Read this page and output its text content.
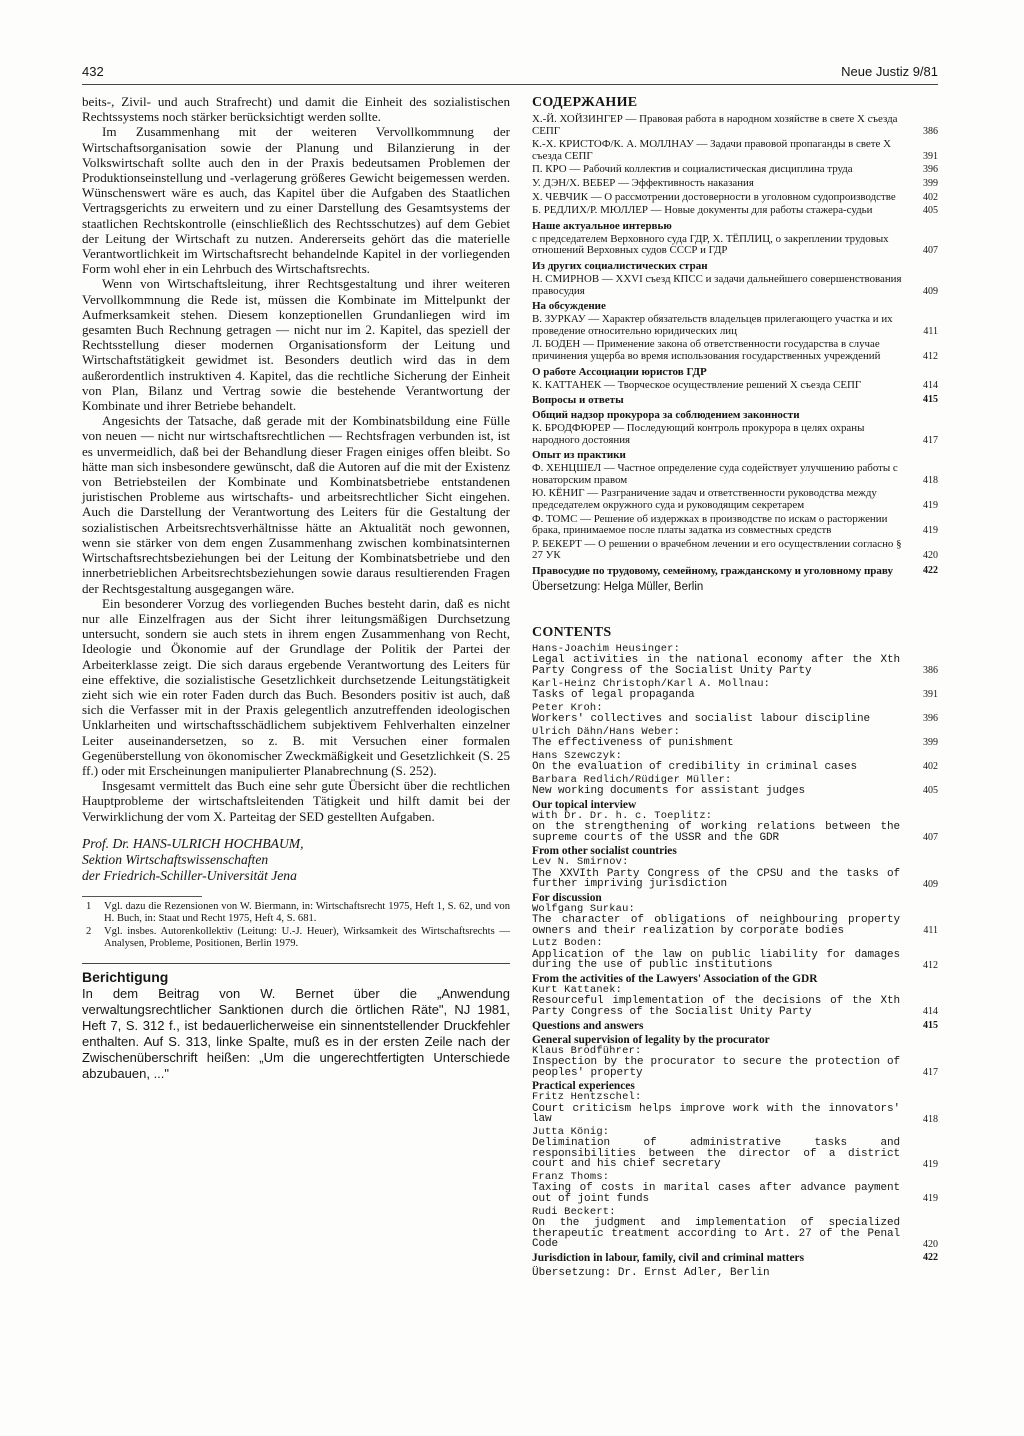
432	Neue Justiz 9/81

beits-, Zivil- und auch Strafrecht) und damit die Einheit des sozialistischen Rechtssystems noch stärker berücksichtigt werden sollte.

Im Zusammenhang mit der weiteren Vervollkommnung der Wirtschaftsorganisation sowie der Planung und Bilanzierung in der Volkswirtschaft sollte auch den in der Praxis bedeutsamen Problemen der Produktionseinstellung und -verlagerung größeres Gewicht beigemessen werden. Wünschenswert wäre es auch, das Kapitel über die Aufgaben des Staatlichen Vertragsgerichts zu erweitern und zu einer Darstellung des Gesamtsystems der staatlichen Rechtskontrolle (einschließlich des Rechtsschutzes) auf dem Gebiet der Leitung der Wirtschaft zu nutzen. Andererseits gehört das die materielle Verantwortlichkeit im Wirtschaftsrecht behandelnde Kapitel in der vorliegenden Form wohl eher in ein Lehrbuch des Wirtschaftsrechts.

Wenn von Wirtschaftsleitung, ihrer Rechtsgestaltung und ihrer weiteren Vervollkommnung die Rede ist, müssen die Kombinate im Mittelpunkt der Aufmerksamkeit stehen. Diesem konzeptionellen Grundanliegen wird im gesamten Buch Rechnung getragen — nicht nur im 2. Kapitel, das speziell der Rechtsstellung dieser modernen Organisationsform der Leitung und Wirtschaftstätigkeit gewidmet ist. Besonders deutlich wird das in dem außerordentlich instruktiven 4. Kapitel, das die rechtliche Sicherung der Einheit von Plan, Bilanz und Vertrag sowie die bestehende Verantwortung der Kombinate und ihrer Betriebe behandelt.

Angesichts der Tatsache, daß gerade mit der Kombinatsbildung eine Fülle von neuen — nicht nur wirtschaftsrechtlichen — Rechtsfragen verbunden ist, ist es unvermeidlich, daß bei der Behandlung dieser Fragen einiges offen bleibt. So hätte man sich insbesondere gewünscht, daß die Autoren auf die mit der Existenz von Betriebsteilen der Kombinate und Kombinatsbetriebe entstandenen juristischen Probleme aus wirtschafts- und arbeitsrechtlicher Sicht eingehen. Auch die Darstellung der Verantwortung des Leiters für die Gestaltung der sozialistischen Arbeitsrechtsverhältnisse hätte an Aktualität noch gewonnen, wenn sie stärker von dem engen Zusammenhang zwischen kombinatsinternen Wirtschaftsrechtsbeziehungen bei der Leitung der Kombinatsbetriebe und den innerbetrieblichen Arbeitsrechtsbeziehungen sowie daraus resultierenden Fragen der Rechtsgestaltung ausgegangen wäre.

Ein besonderer Vorzug des vorliegenden Buches besteht darin, daß es nicht nur alle Einzelfragen aus der Sicht ihrer leitungsmäßigen Durchsetzung untersucht, sondern sie auch stets in ihrem engen Zusammenhang von Recht, Ideologie und Ökonomie auf der Grundlage der Politik der Partei der Arbeiterklasse zeigt. Die sich daraus ergebende Verantwortung des Leiters für eine effektive, die sozialistische Gesetzlichkeit durchsetzende Leitungstätigkeit zieht sich wie ein roter Faden durch das Buch. Besonders positiv ist auch, daß sich die Verfasser mit in der Praxis gelegentlich anzutreffenden ideologischen Unklarheiten und wirtschaftsschädlichem subjektivem Fehlverhalten einzelner Leiter auseinandersetzen, so z. B. mit Versuchen einer formalen Gegenüberstellung von ökonomischer Zweckmäßigkeit und Gesetzlichkeit (S. 25 ff.) oder mit Erscheinungen manipulierter Planabrechnung (S. 252).

Insgesamt vermittelt das Buch eine sehr gute Übersicht über die rechtlichen Hauptprobleme der wirtschaftsleitenden Tätigkeit und hilft damit bei der Verwirklichung der vom X. Parteitag der SED gestellten Aufgaben.

Prof. Dr. HANS-ULRICH HOCHBAUM,
Sektion Wirtschaftswissenschaften
der Friedrich-Schiller-Universität Jena
1	Vgl. dazu die Rezensionen von W. Biermann, in: Wirtschaftsrecht 1975, Heft 1, S. 62, und von H. Buch, in: Staat und Recht 1975, Heft 4, S. 681.
2	Vgl. insbes. Autorenkollektiv (Leitung: U.-J. Heuer), Wirksamkeit des Wirtschaftsrechts — Analysen, Probleme, Positionen, Berlin 1979.
Berichtigung

In dem Beitrag von W. Bernet über die „Anwendung verwaltungsrechtlicher Sanktionen durch die örtlichen Räte", NJ 1981, Heft 7, S. 312 f., ist bedauerlicherweise ein sinnentstellender Druckfehler enthalten. Auf S. 313, linke Spalte, muß es in der ersten Zeile nach der Zwischenüberschrift heißen: „Um die ungerechtfertigten Unterschiede abzubauen, ..."

СОДЕРЖАНИЕ
Х.-Й. ХОЙЗИНГЕР — Правовая работа в народном хозяйстве в свете X съезда СЕПГ	386
К.-Х. КРИСТОФ/К. А. МОЛЛНАУ — Задачи правовой пропаганды в свете X съезда СЕПГ	391
П. КРО — Рабочий коллектив и социалистическая дисциплина труда	396
У. ДЭН/Х. ВЕБЕР — Эффективность наказания	399
Х. ЧЕВЧИК — О рассмотрении достоверности в уголовном судопроизводстве	402
Б. РЕДЛИХ/Р. МЮЛЛЕР — Новые документы для работы стажера-судьи	405
Наше актуальное интервью
с председателем Верховного суда ГДР, Х. ТЁПЛИЦ, о закреплении трудовых отношений Верховных судов СССР и ГДР	407
Из других социалистических стран
Н. СМИРНОВ — XXVI съезд КПСС и задачи дальнейшего совершенствования правосудия	409
На обсуждение
В. ЗУРКАУ — Характер обязательств владельцев прилегающего участка и их проведение относительно юридических лиц	411
Л. БОДЕН — Применение закона об ответственности государства в случае причинения ущерба во время использования государственных учреждений	412
О работе Ассоциации юристов ГДР
К. КАТТАНЕК — Творческое осуществление решений X съезда СЕПГ	414
Вопросы и ответы	415
Общий надзор прокурора за соблюдением законности
К. БРОДФЮРЕР — Последующий контроль прокурора в целях охраны народного достояния	417
Опыт из практики
Ф. ХЕНЦШЕЛ — Частное определение суда содействует улучшению работы с новаторским правом	418
Ю. КЁНИГ — Разграничение задач и ответственности руководства между председателем окружного суда и руководящим секретарем	419
Ф. ТОМС — Решение об издержках в производстве по искам о расторжении брака, принимаемое после платы задатка из совместных средств	419
Р. БЕКЕРТ — О решении о врачебном лечении и его осуществлении согласно § 27 УК	420
Правосудие по трудовому, семейному, гражданскому и уголовному праву	422
Übersetzung: Helga Müller, Berlin
CONTENTS
Hans-Joachim Heusinger:
Legal activities in the national economy after the Xth Party Congress of the Socialist Unity Party	386
Karl-Heinz Christoph/Karl A. Mollnau:
Tasks of legal propaganda	391
Peter Kroh:
Workers' collectives and socialist labour discipline	396
Ulrich Dähn/Hans Weber:
The effectiveness of punishment	399
Hans Szewczyk:
On the evaluation of credibility in criminal cases	402
Barbara Redlich/Rüdiger Müller:
New working documents for assistant judges	405
Our topical interview
with Dr. Dr. h. c. Toeplitz:
on the strengthening of working relations between the supreme courts of the USSR and the GDR	407
From other socialist countries
Lev N. Smirnov:
The XXVIth Party Congress of the CPSU and the tasks of further impriving jurisdiction	409
For discussion
Wolfgang Surkau:
The character of obligations of neighbouring property owners and their realization by corporate bodies	411
Lutz Boden:
Application of the law on public liability for damages during the use of public institutions	412
From the activities of the Lawyers' Association of the GDR
Kurt Kattanek:
Resourceful implementation of the decisions of the Xth Party Congress of the Socialist Unity Party	414
Questions and answers	415
General supervision of legality by the procurator
Klaus Brodführer:
Inspection by the procurator to secure the protection of peoples' property	417
Practical experiences
Fritz Hentzschel:
Court criticism helps improve work with the innovators' law	418
Jutta König:
Delimination of administrative tasks and responsibilities between the director of a district court and his chief secretary	419
Franz Thoms:
Taxing of costs in marital cases after advance payment out of joint funds	419
Rudi Beckert:
On the judgment and implementation of specialized therapeutic treatment according to Art. 27 of the Penal Code	420
Jurisdiction in labour, family, civil and criminal matters	422
Übersetzung: Dr. Ernst Adler, Berlin
